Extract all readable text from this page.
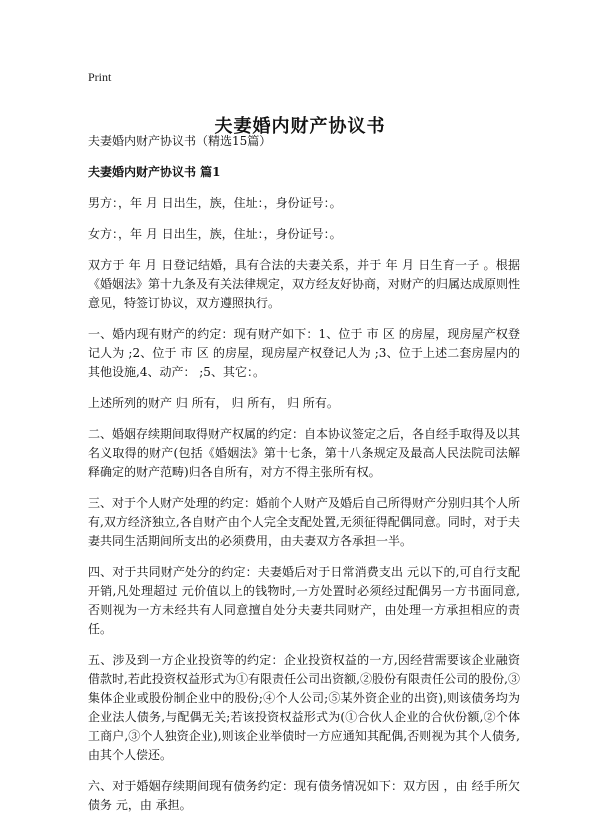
Print
夫妻婚内财产协议书

夫妻婚内财产协议书（精选15篇）

夫妻婚内财产协议书 篇1

男方：，年 月 日出生，族，住址：，身份证号：。

女方：，年 月 日出生，族，住址：，身份证号：。

双方于 年 月 日登记结婚，具有合法的夫妻关系，并于 年 月 日生育一子 。根据《婚姻法》第十九条及有关法律规定，双方经友好协商，对财产的归属达成原则性意见，特签订协议，双方遵照执行。

一、婚内现有财产的约定：现有财产如下：1、位于 市 区 的房屋，现房屋产权登记人为 ;2、位于 市 区 的房屋，现房屋产权登记人为 ;3、位于上述二套房屋内的其他设施,4、动产： ;5、其它：。

上述所列的财产 归 所有， 归 所有， 归 所有。

二、婚姻存续期间取得财产权属的约定：自本协议签定之后，各自经手取得及以其名义取得的财产(包括《婚姻法》第十七条，第十八条规定及最高人民法院司法解释确定的财产范畴)归各自所有，对方不得主张所有权。

三、对于个人财产处理的约定：婚前个人财产及婚后自己所得财产分别归其个人所有,双方经济独立,各自财产由个人完全支配处置,无须征得配偶同意。同时，对于夫妻共同生活期间所支出的必须费用，由夫妻双方各承担一半。

四、对于共同财产处分的约定：夫妻婚后对于日常消费支出 元以下的,可自行支配开销,凡处理超过 元价值以上的钱物时,一方处置时必须经过配偶另一方书面同意,否则视为一方未经共有人同意擅自处分夫妻共同财产，由处理一方承担相应的责任。

五、涉及到一方企业投资等的约定：企业投资权益的一方,因经营需要该企业融资借款时,若此投资权益形式为①有限责任公司出资额,②股份有限责任公司的股份,③集体企业或股份制企业中的股份;④个人公司;⑤某外资企业的出资),则该债务均为企业法人债务,与配偶无关;若该投资权益形式为(①合伙人企业的合伙份额,②个体工商户,③个人独资企业),则该企业举债时一方应通知其配偶,否则视为其个人债务,由其个人偿还。

六、对于婚姻存续期间现有债务约定：现有债务情况如下：双方因 ，由 经手所欠债务 元，由 承担。
